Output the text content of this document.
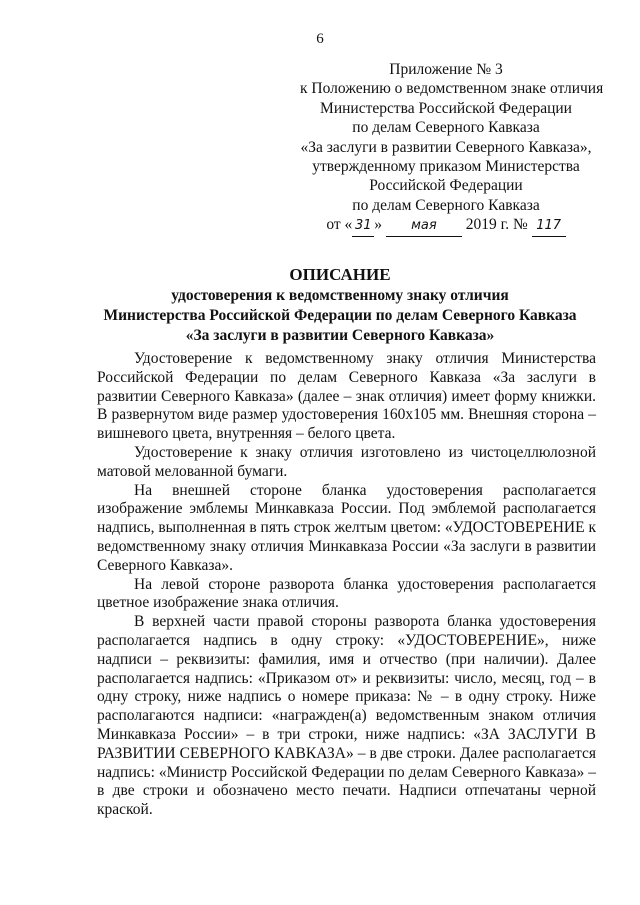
6
Приложение № 3
к Положению о ведомственном знаке отличия
Министерства Российской Федерации
по делам Северного Кавказа
«За заслуги в развитии Северного Кавказа»,
утвержденному приказом Министерства
Российской Федерации
по делам Северного Кавказа
от « 31 » мая 2019 г. № 117
ОПИСАНИЕ
удостоверения к ведомственному знаку отличия
Министерства Российской Федерации по делам Северного Кавказа
«За заслуги в развитии Северного Кавказа»

Удостоверение к ведомственному знаку отличия Министерства Российской Федерации по делам Северного Кавказа «За заслуги в развитии Северного Кавказа» (далее – знак отличия) имеет форму книжки. В развернутом виде размер удостоверения 160x105 мм. Внешняя сторона – вишневого цвета, внутренняя – белого цвета.

Удостоверение к знаку отличия изготовлено из чистоцеллюлозной матовой мелованной бумаги.

На внешней стороне бланка удостоверения располагается изображение эмблемы Минкавказа России. Под эмблемой располагается надпись, выполненная в пять строк желтым цветом: «УДОСТОВЕРЕНИЕ к ведомственному знаку отличия Минкавказа России «За заслуги в развитии Северного Кавказа».

На левой стороне разворота бланка удостоверения располагается цветное изображение знака отличия.

В верхней части правой стороны разворота бланка удостоверения располагается надпись в одну строку: «УДОСТОВЕРЕНИЕ», ниже надписи – реквизиты: фамилия, имя и отчество (при наличии). Далее располагается надпись: «Приказом от» и реквизиты: число, месяц, год – в одну строку, ниже надпись о номере приказа: № – в одну строку. Ниже располагаются надписи: «награжден(а) ведомственным знаком отличия Минкавказа России» – в три строки, ниже надпись: «ЗА ЗАСЛУГИ В РАЗВИТИИ СЕВЕРНОГО КАВКАЗА» – в две строки. Далее располагается надпись: «Министр Российской Федерации по делам Северного Кавказа» – в две строки и обозначено место печати. Надписи отпечатаны черной краской.
